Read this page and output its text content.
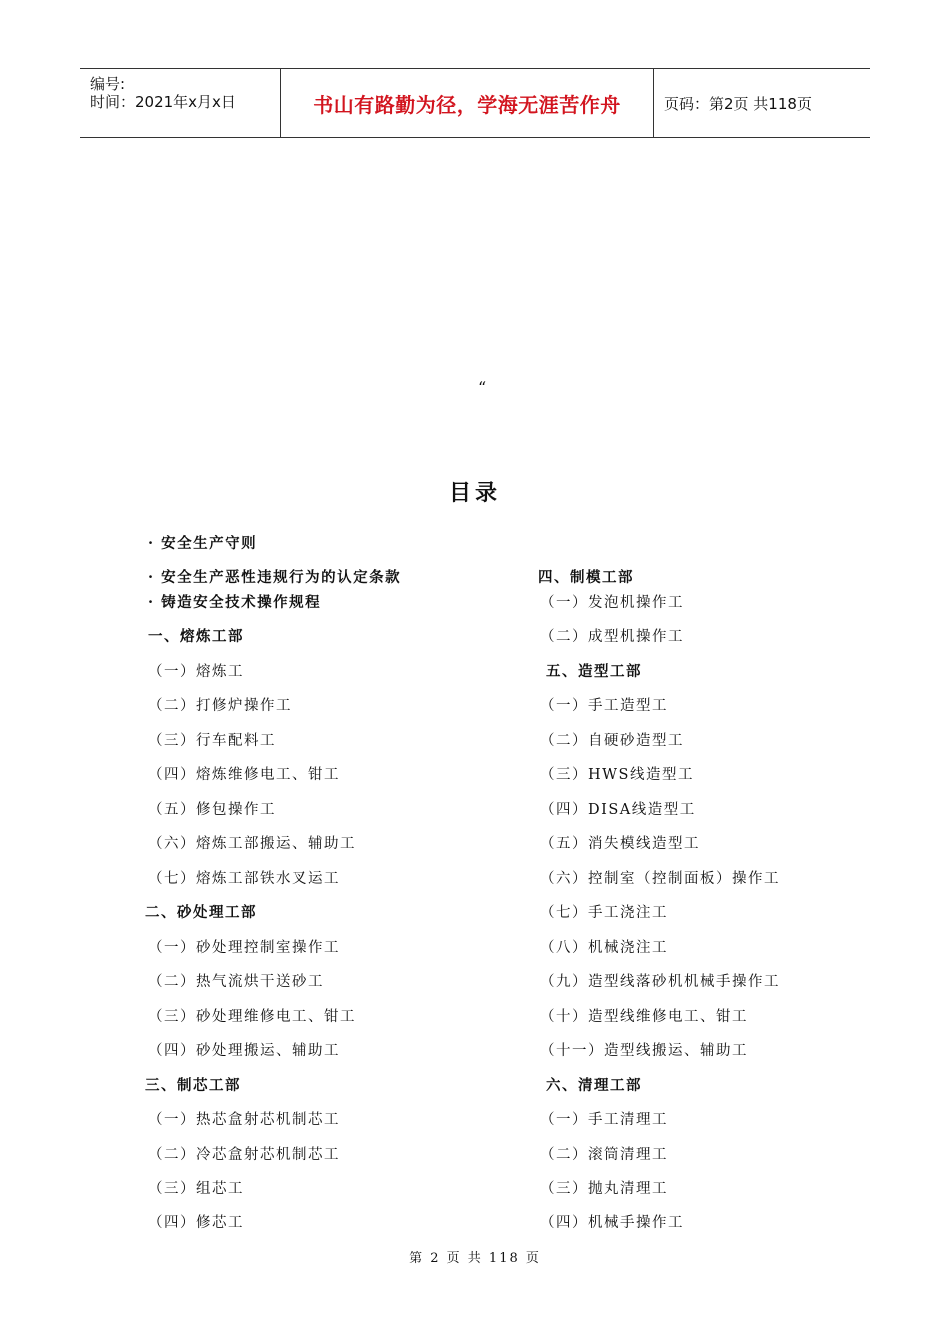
编号:
时间：2021年x月x日	书山有路勤为径，学海无涯苦作舟	页码：第2页 共118页
“
目录
· 安全生产守则
· 安全生产恶性违规行为的认定条款
· 铸造安全技术操作规程
一、熔炼工部
（一）熔炼工
（二）打修炉操作工
（三）行车配料工
（四）熔炼维修电工、钳工
（五）修包操作工
（六）熔炼工部搬运、辅助工
（七）熔炼工部铁水叉运工
二、砂处理工部
（一）砂处理控制室操作工
（二）热气流烘干送砂工
（三）砂处理维修电工、钳工
（四）砂处理搬运、辅助工
三、制芯工部
（一）热芯盒射芯机制芯工
（二）冷芯盒射芯机制芯工
（三）组芯工
（四）修芯工
四、制模工部
（一）发泡机操作工
（二）成型机操作工
五、造型工部
（一）手工造型工
（二）自硬砂造型工
（三）HWS线造型工
（四）DISA线造型工
（五）消失模线造型工
（六）控制室（控制面板）操作工
（七）手工浇注工
（八）机械浇注工
（九）造型线落砂机机械手操作工
（十）造型线维修电工、钳工
（十一）造型线搬运、辅助工
六、清理工部
（一）手工清理工
（二）滚筒清理工
（三）抛丸清理工
（四）机械手操作工
第 2 页 共 118 页
